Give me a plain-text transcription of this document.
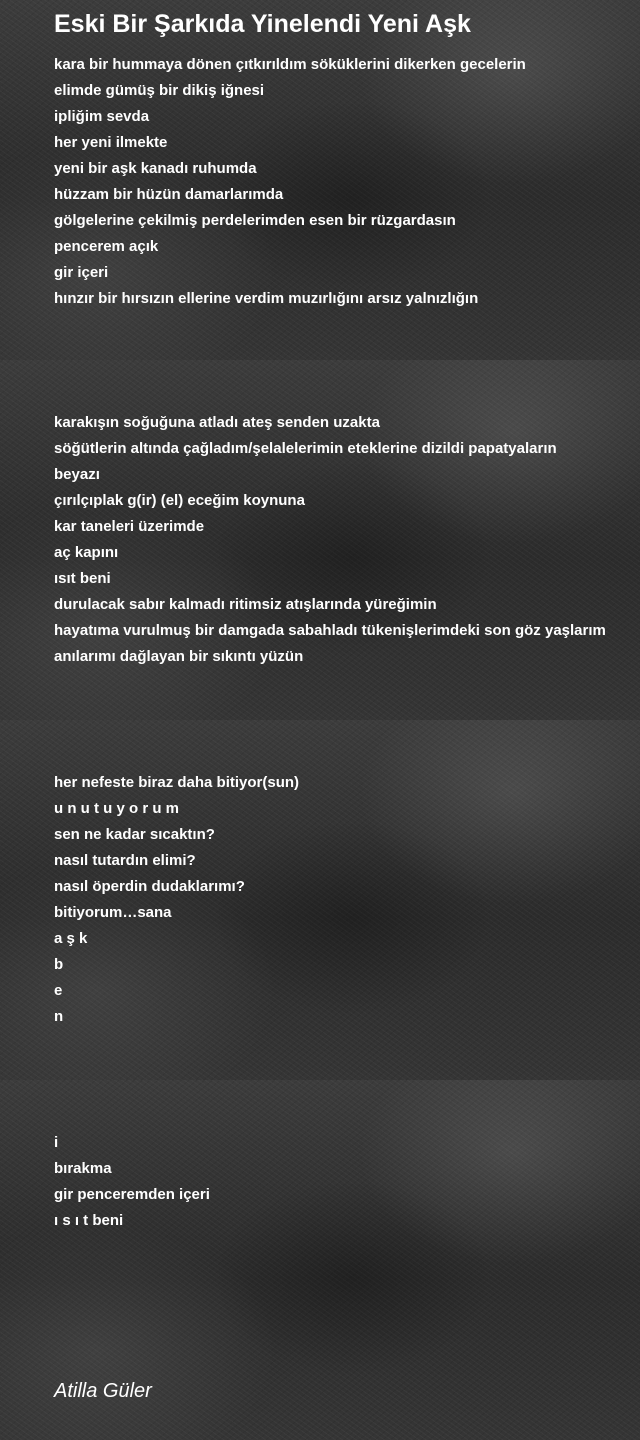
Eski Bir Şarkıda Yinelendi Yeni Aşk
kara bir hummaya dönen çıtkırıldım söküklerini dikerken gecelerin
elimde gümüş bir dikiş iğnesi
ipliğim sevda
her yeni ilmekte
yeni bir aşk kanadı ruhumda
hüzzam bir hüzün damarlarımda
gölgelerine çekilmiş perdelerimden esen bir rüzgardasın
pencerem açık
gir içeri
hınzır bir hırsızın ellerine verdim muzırlığını arsız yalnızlığın
karakışın soğuğuna atladı ateş senden uzakta
söğütlerin altında çağladım/şelalelerimin eteklerine dizildi papatyaların
beyazı
çırılçıplak g(ir) (el) eceğim koynuna
kar taneleri üzerimde
aç kapını
ısıt beni
durulacak sabır kalmadı ritimsiz atışlarında yüreğimin
hayatıma vurulmuş bir damgada sabahladı tükenişlerimdeki son göz yaşlarım
anılarımı dağlayan bir sıkıntı yüzün
her nefeste biraz daha bitiyor(sun)
u n u t u y o r u m
sen ne kadar sıcaktın?
nasıl tutardın elimi?
nasıl öperdin dudaklarımı?
bitiyorum…sana
a ş k
b
e
n
i
bırakma
gir penceremden içeri
ı s ı t beni

Atilla Güler
